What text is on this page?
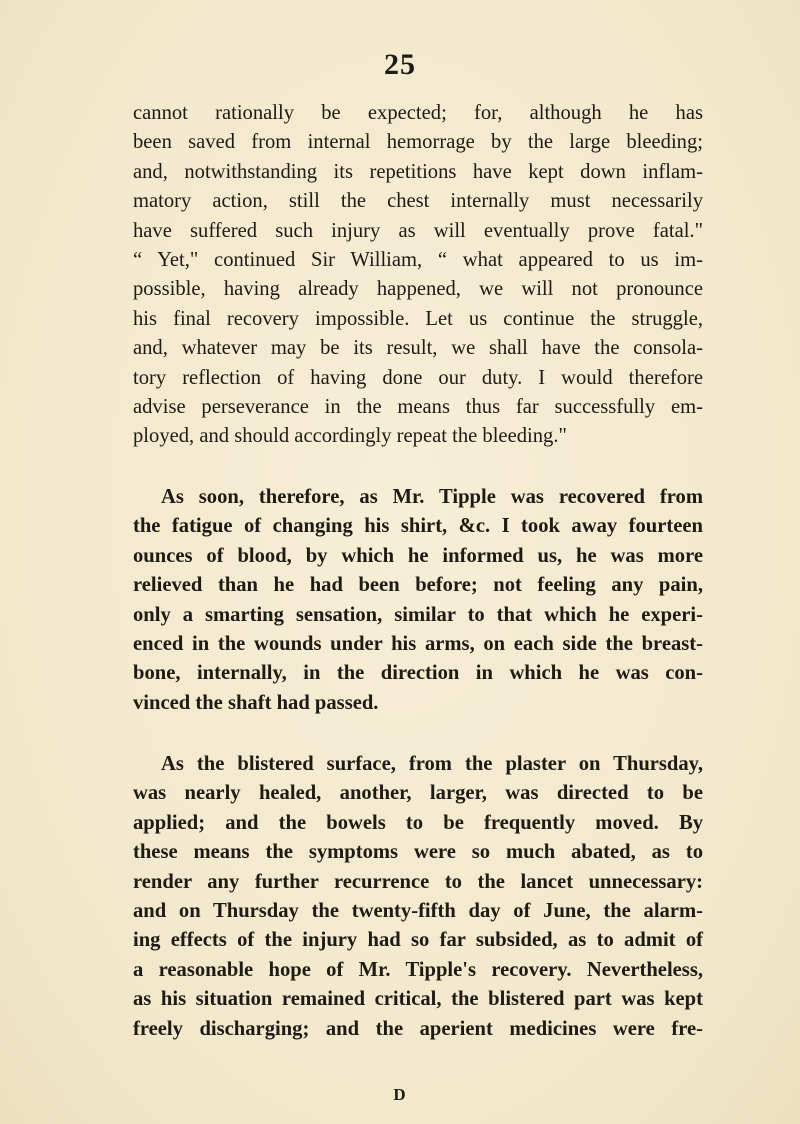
25
cannot rationally be expected; for, although he has
been saved from internal hemorrage by the large bleeding;
and, notwithstanding its repetitions have kept down inflam-
matory action, still the chest internally must necessarily
have suffered such injury as will eventually prove fatal."
“ Yet," continued Sir William, “ what appeared to us im-
possible, having already happened, we will not pronounce
his final recovery impossible. Let us continue the struggle,
and, whatever may be its result, we shall have the consola-
tory reflection of having done our duty. I would therefore
advise perseverance in the means thus far successfully em-
ployed, and should accordingly repeat the bleeding."
As soon, therefore, as Mr. Tipple was recovered from
the fatigue of changing his shirt, &c. I took away fourteen
ounces of blood, by which he informed us, he was more
relieved than he had been before; not feeling any pain,
only a smarting sensation, similar to that which he experi-
enced in the wounds under his arms, on each side the breast-
bone, internally, in the direction in which he was con-
vinced the shaft had passed.
As the blistered surface, from the plaster on Thursday,
was nearly healed, another, larger, was directed to be
applied; and the bowels to be frequently moved. By
these means the symptoms were so much abated, as to
render any further recurrence to the lancet unnecessary:
and on Thursday the twenty-fifth day of June, the alarm-
ing effects of the injury had so far subsided, as to admit of
a reasonable hope of Mr. Tipple's recovery. Nevertheless,
as his situation remained critical, the blistered part was kept
freely discharging; and the aperient medicines were fre-
D
